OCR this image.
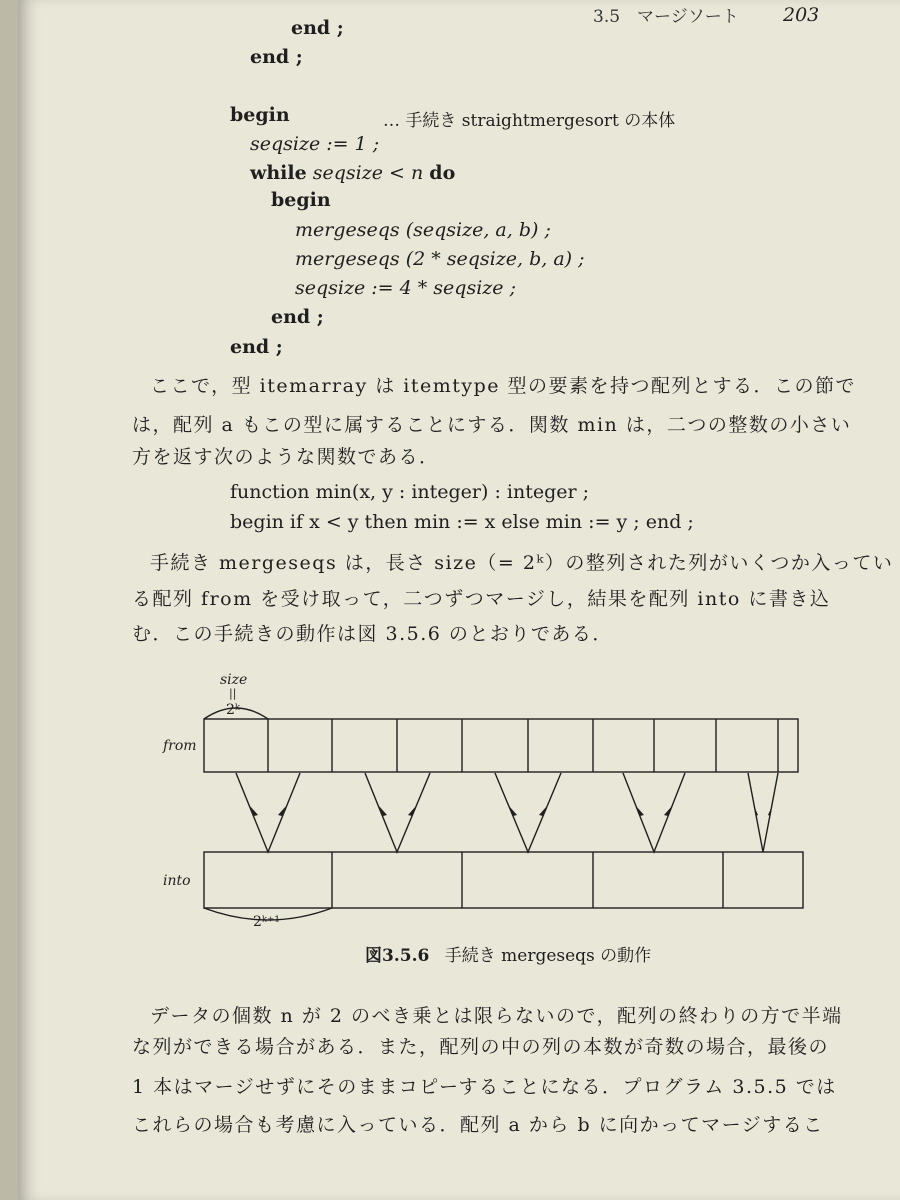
3.5　マージソート 203
end ;
end ;
begin	… 手続き straightmergesort の本体
seqsize := 1 ;
while seqsize < n do
begin
mergeseqs (seqsize, a, b) ;
mergeseqs (2 * seqsize, b, a) ;
seqsize := 4 * seqsize ;
end ;
end ;
ここで，型 itemarray は itemtype 型の要素を持つ配列とする．この節で
は，配列 a もこの型に属することにする．関数 min は，二つの整数の小さい
方を返す次のような関数である．
function min(x, y : integer) : integer ;
begin if x < y then min := x else min := y ; end ;
手続き mergeseqs は，長さ size（= 2ᵏ）の整列された列がいくつか入ってい
る配列 from を受け取って，二つずつマージし，結果を配列 into に書き込
む．この手続きの動作は図 3.5.6 のとおりである．
size
||
2ᵏ
from
into
2ᵏ⁺¹
図3.5.6 手続き mergeseqs の動作
データの個数 n が 2 のべき乗とは限らないので，配列の終わりの方で半端
な列ができる場合がある．また，配列の中の列の本数が奇数の場合，最後の
1 本はマージせずにそのままコピーすることになる．プログラム 3.5.5 では
これらの場合も考慮に入っている．配列 a から b に向かってマージするこ
